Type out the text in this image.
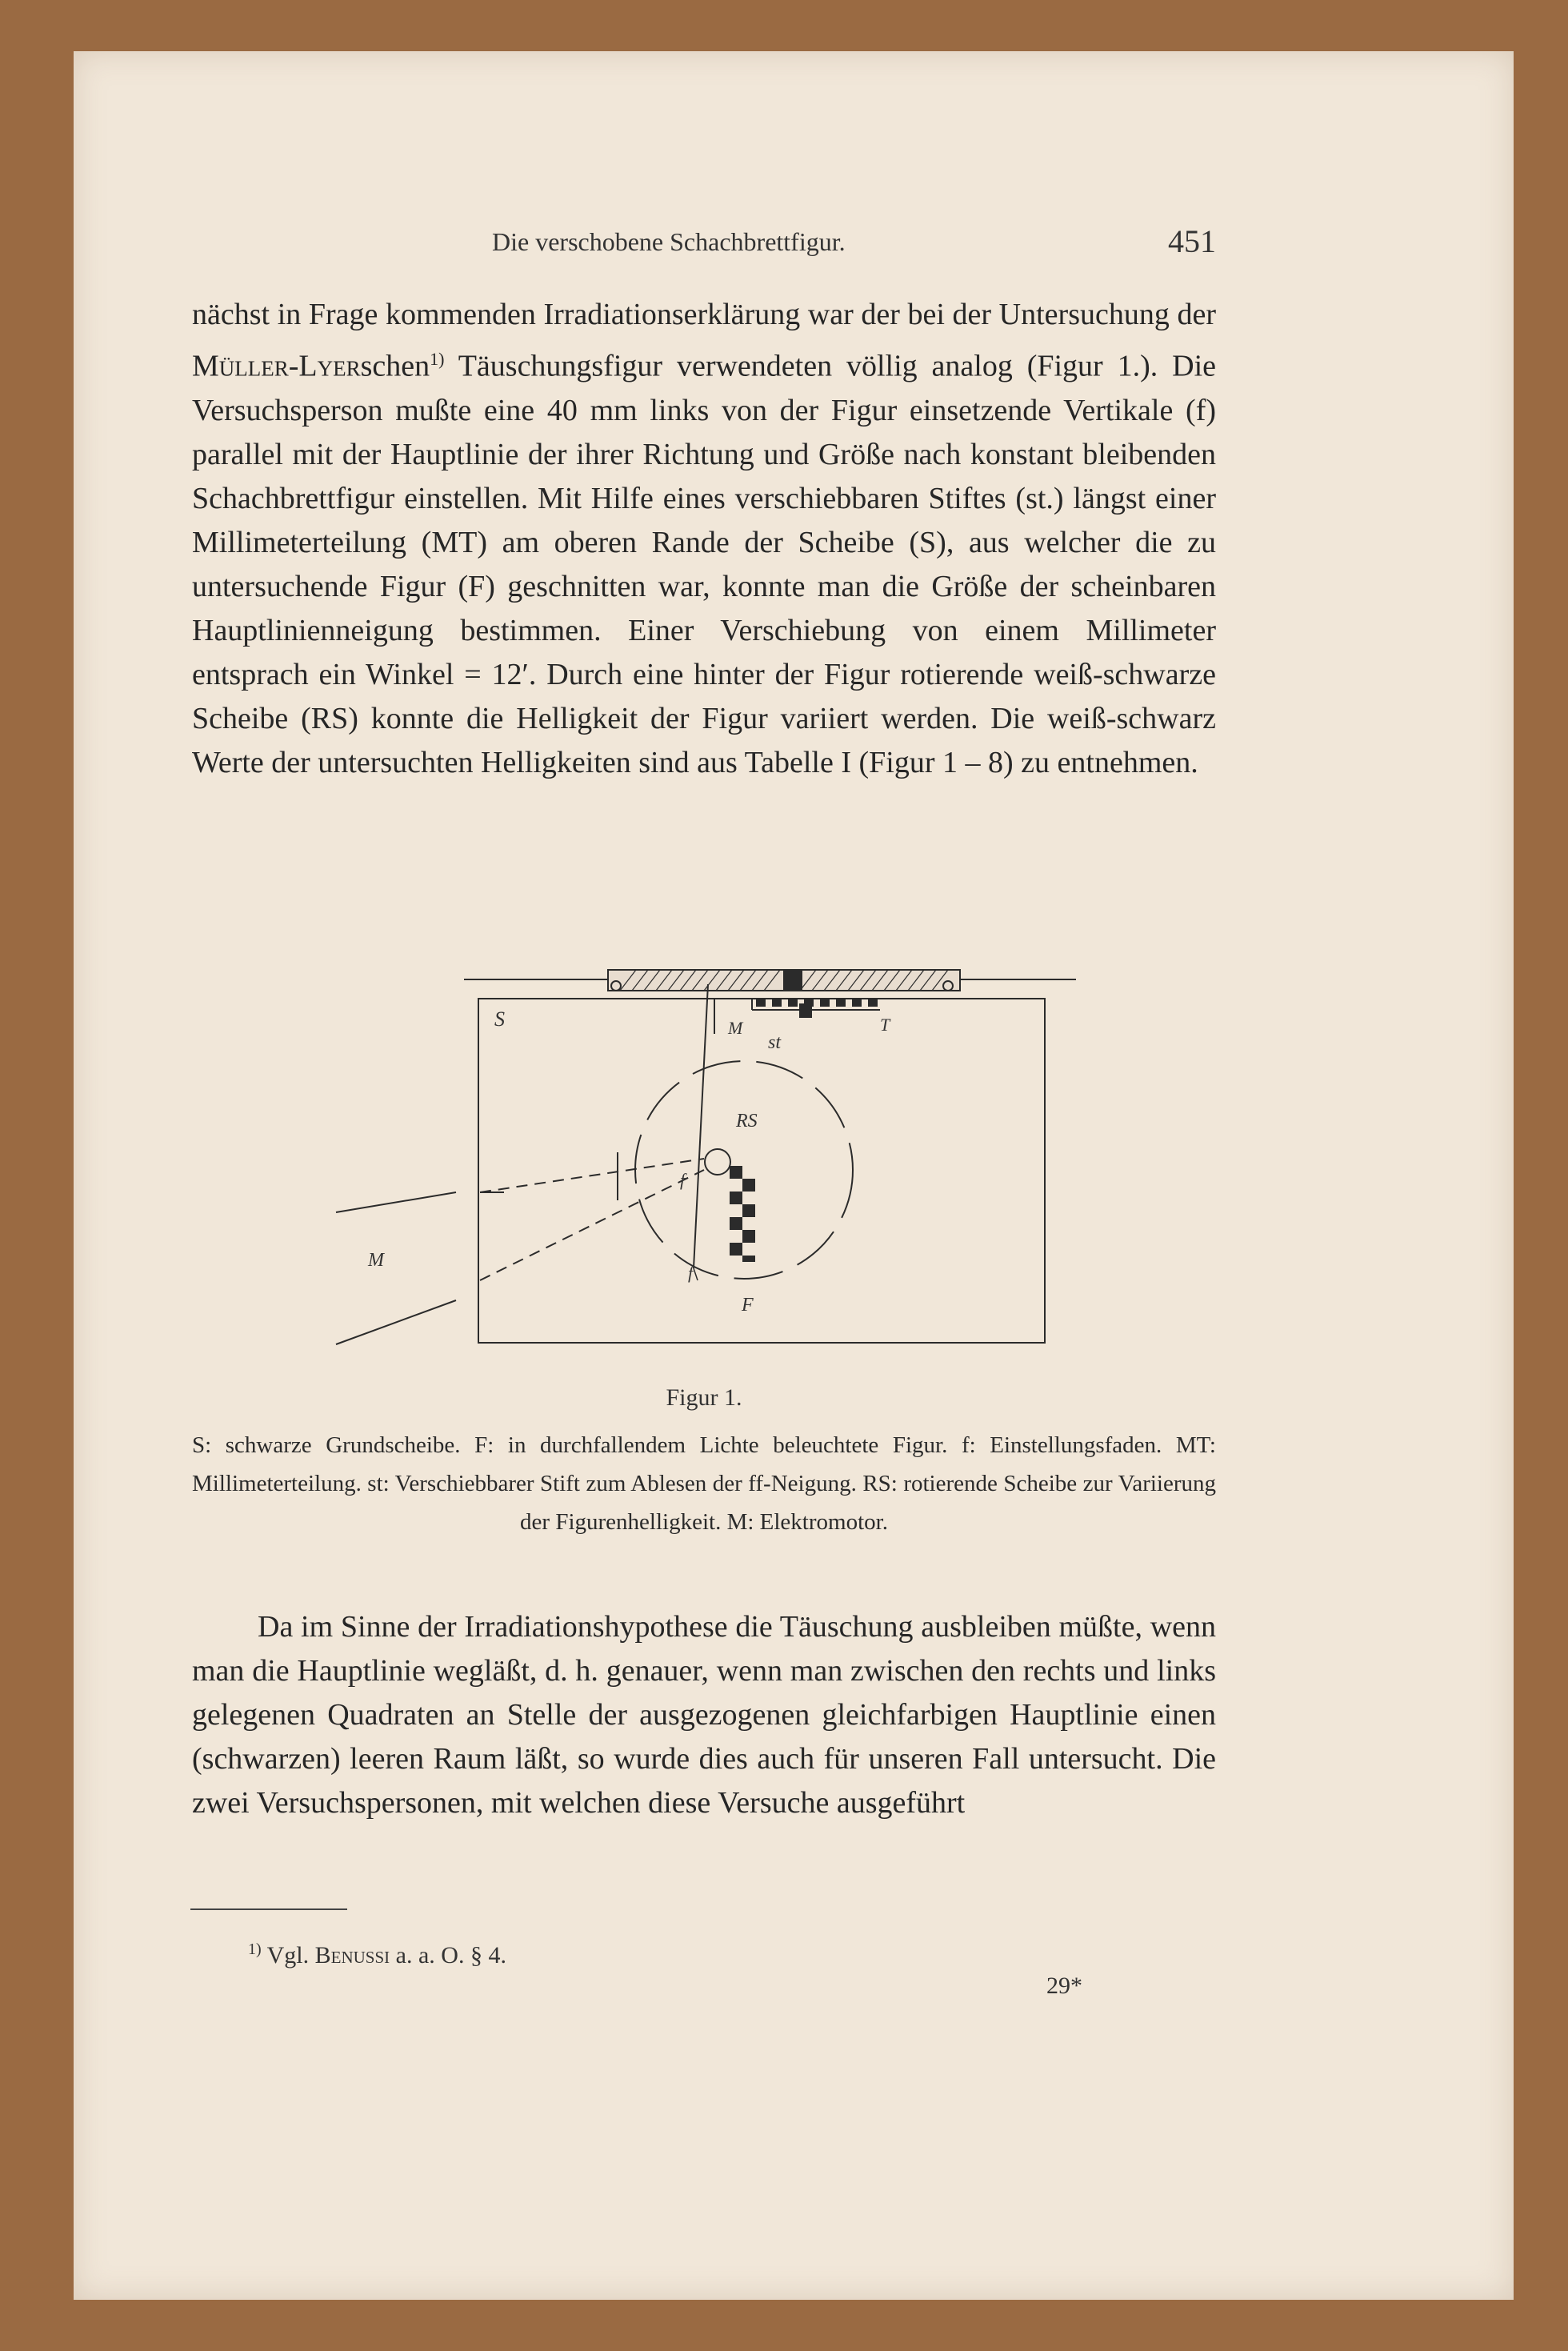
Die verschobene Schachbrettfigur.	451

nächst in Frage kommenden Irradiationserklärung war der bei der Untersuchung der Müller-Lyerschen$^{1)}$ Täuschungsfigur verwendeten völlig analog (Figur 1.). Die Versuchsperson mußte eine 40 mm links von der Figur einsetzende Vertikale (f) parallel mit der Hauptlinie der ihrer Richtung und Größe nach konstant bleibenden Schachbrettfigur einstellen. Mit Hilfe eines verschiebbaren Stiftes (st.) längst einer Millimeterteilung (MT) am oberen Rande der Scheibe (S), aus welcher die zu untersuchende Figur (F) geschnitten war, konnte man die Größe der scheinbaren Hauptlinienneigung bestimmen. Einer Verschiebung von einem Millimeter entsprach ein Winkel = 12′. Durch eine hinter der Figur rotierende weiß-schwarze Scheibe (RS) konnte die Helligkeit der Figur variiert werden. Die weiß-schwarz Werte der untersuchten Helligkeiten sind aus Tabelle I (Figur 1 – 8) zu entnehmen.

S	M
st
T
RS
f
f
F
M
Figur 1.

S: schwarze Grundscheibe. F: in durchfallendem Lichte beleuchtete Figur. f: Einstellungsfaden. MT: Millimeterteilung. st: Verschiebbarer Stift zum Ablesen der ff-Neigung. RS: rotierende Scheibe zur Variierung der Figurenhelligkeit. M: Elektromotor.

Da im Sinne der Irradiationshypothese die Täuschung ausbleiben müßte, wenn man die Hauptlinie wegläßt, d. h. genauer, wenn man zwischen den rechts und links gelegenen Quadraten an Stelle der ausgezogenen gleichfarbigen Hauptlinie einen (schwarzen) leeren Raum läßt, so wurde dies auch für unseren Fall untersucht. Die zwei Versuchspersonen, mit welchen diese Versuche ausgeführt

$^{1)}$ Vgl. Benussi a. a. O. § 4.
29*
